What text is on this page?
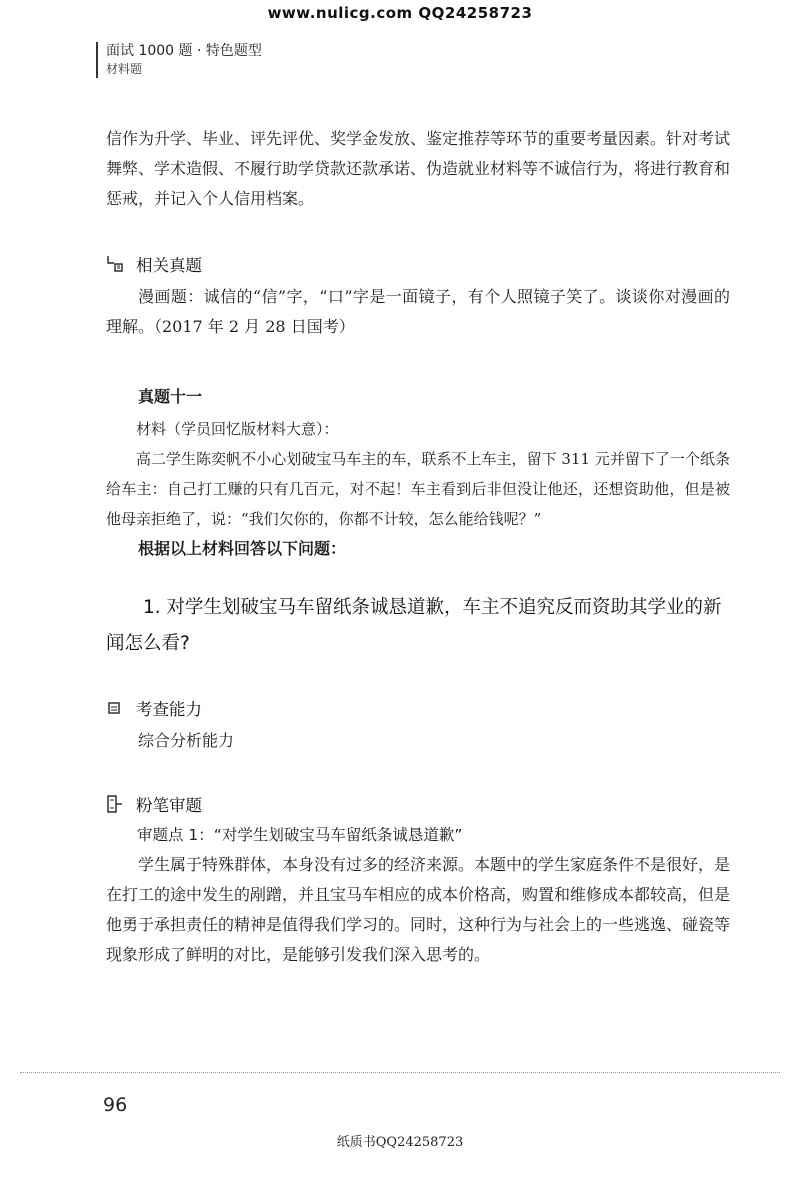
www.nulicg.com QQ24258723
面试 1000 题 · 特色题型
材料题

信作为升学、毕业、评先评优、奖学金发放、鉴定推荐等环节的重要考量因素。针对考试舞弊、学术造假、不履行助学贷款还款承诺、伪造就业材料等不诚信行为，将进行教育和惩戒，并记入个人信用档案。

相关真题

漫画题：诚信的“信”字，“口”字是一面镜子，有个人照镜子笑了。谈谈你对漫画的理解。（2017 年 2 月 28 日国考）

真题十一

材料（学员回忆版材料大意）：

高二学生陈奕帆不小心划破宝马车主的车，联系不上车主，留下 311 元并留下了一个纸条给车主：自己打工赚的只有几百元，对不起！车主看到后非但没让他还，还想资助他，但是被他母亲拒绝了，说：“我们欠你的，你都不计较，怎么能给钱呢？”

根据以上材料回答以下问题：

1. 对学生划破宝马车留纸条诚恳道歉，车主不追究反而资助其学业的新闻怎么看?

考查能力

综合分析能力

粉笔审题

审题点 1：“对学生划破宝马车留纸条诚恳道歉”

学生属于特殊群体，本身没有过多的经济来源。本题中的学生家庭条件不是很好，是在打工的途中发生的剐蹭，并且宝马车相应的成本价格高，购置和维修成本都较高，但是他勇于承担责任的精神是值得我们学习的。同时，这种行为与社会上的一些逃逸、碰瓷等现象形成了鲜明的对比，是能够引发我们深入思考的。

96
纸质书QQ24258723
